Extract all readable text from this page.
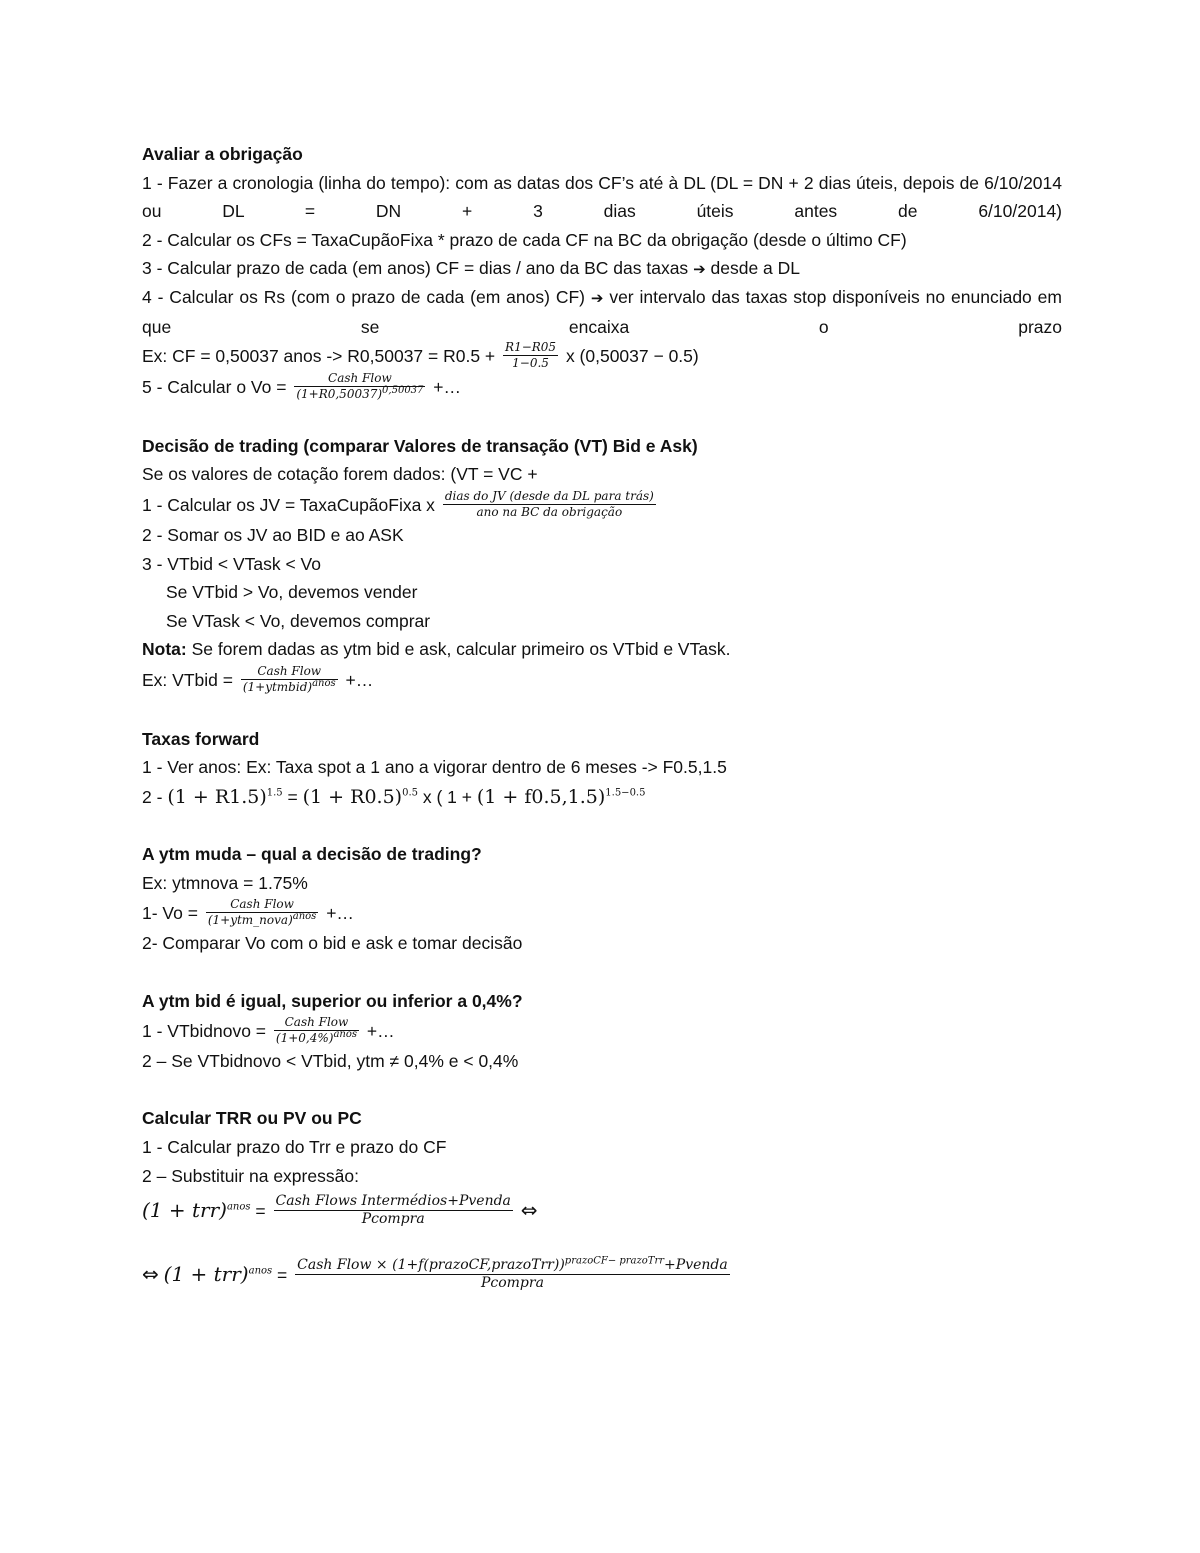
Avaliar a obrigação
1 - Fazer a cronologia (linha do tempo): com as datas dos CF’s até à DL (DL = DN + 2 dias úteis, depois de 6/10/2014 ou DL = DN + 3 dias úteis antes de 6/10/2014)
2 - Calcular os CFs = TaxaCupãoFixa * prazo de cada CF na BC da obrigação (desde o último CF)
3 - Calcular prazo de cada (em anos) CF = dias / ano da BC das taxas ➔ desde a DL
4 - Calcular os Rs (com o prazo de cada (em anos) CF) ➔ ver intervalo das taxas stop disponíveis no enunciado em que se encaixa o prazo
Ex: CF = 0,50037 anos -> $R0,50037 = R0.5 + \frac{R1-R05}{1-0.5}$ x (0,50037 − 0.5)
5 - Calcular o $Vo = \frac{\text{Cash Flow}}{(1+R0,50037)^{0,50037}}$ +…
Decisão de trading (comparar Valores de transação (VT) Bid e Ask)
Se os valores de cotação forem dados: (VT = VC +
1 - Calcular os JV = TaxaCupãoFixa x $\frac{\text{dias do JV (desde da DL para trás)}}{\text{ano na BC da obrigação}}$
2 - Somar os JV ao BID e ao ASK
3 - VTbid < VTask < Vo
Se VTbid > Vo, devemos vender
Se VTask < Vo, devemos comprar
Nota: Se forem dadas as ytm bid e ask, calcular primeiro os VTbid e VTask.
Ex: VTbid = $\frac{\text{Cash Flow}}{(1+ytmbid)^{anos}}$ +…
Taxas forward
1 - Ver anos: Ex: Taxa spot a 1 ano a vigorar dentro de 6 meses -> F0.5,1.5
$2 - (1 + R1.5)^{1.5} = (1 + R0.5)^{0.5}$ x ( $1 + (1 + f0.5,1.5)^{1.5-0.5}$
A ytm muda – qual a decisão de trading?
Ex: ytmnova = 1.75%
1- $Vo = \frac{\text{Cash Flow}}{(1+ytm\_nova)^{anos}}$ +…
2- Comparar Vo com o bid e ask e tomar decisão
A ytm bid é igual, superior ou inferior a 0,4%?
1 - VTbidnovo = $\frac{\text{Cash Flow}}{(1+0,4\%)^{anos}}$ +…
2 – Se VTbidnovo < VTbid, ytm ≠ 0,4% e < 0,4%
Calcular TRR ou PV ou PC
1 - Calcular prazo do Trr e prazo do CF
2 – Substituir na expressão:
$(1 + trr)^{anos} = \frac{\text{Cash Flows Intermédios+Pvenda}}{\text{Pcompra}}$ ⇔
⇔ $(1 + trr)^{anos} = \frac{Cash Flow \times (1+f(prazoCF,prazoTrr))^{prazoCF- prazoTrr}+Pvenda}{\text{Pcompra}}$
